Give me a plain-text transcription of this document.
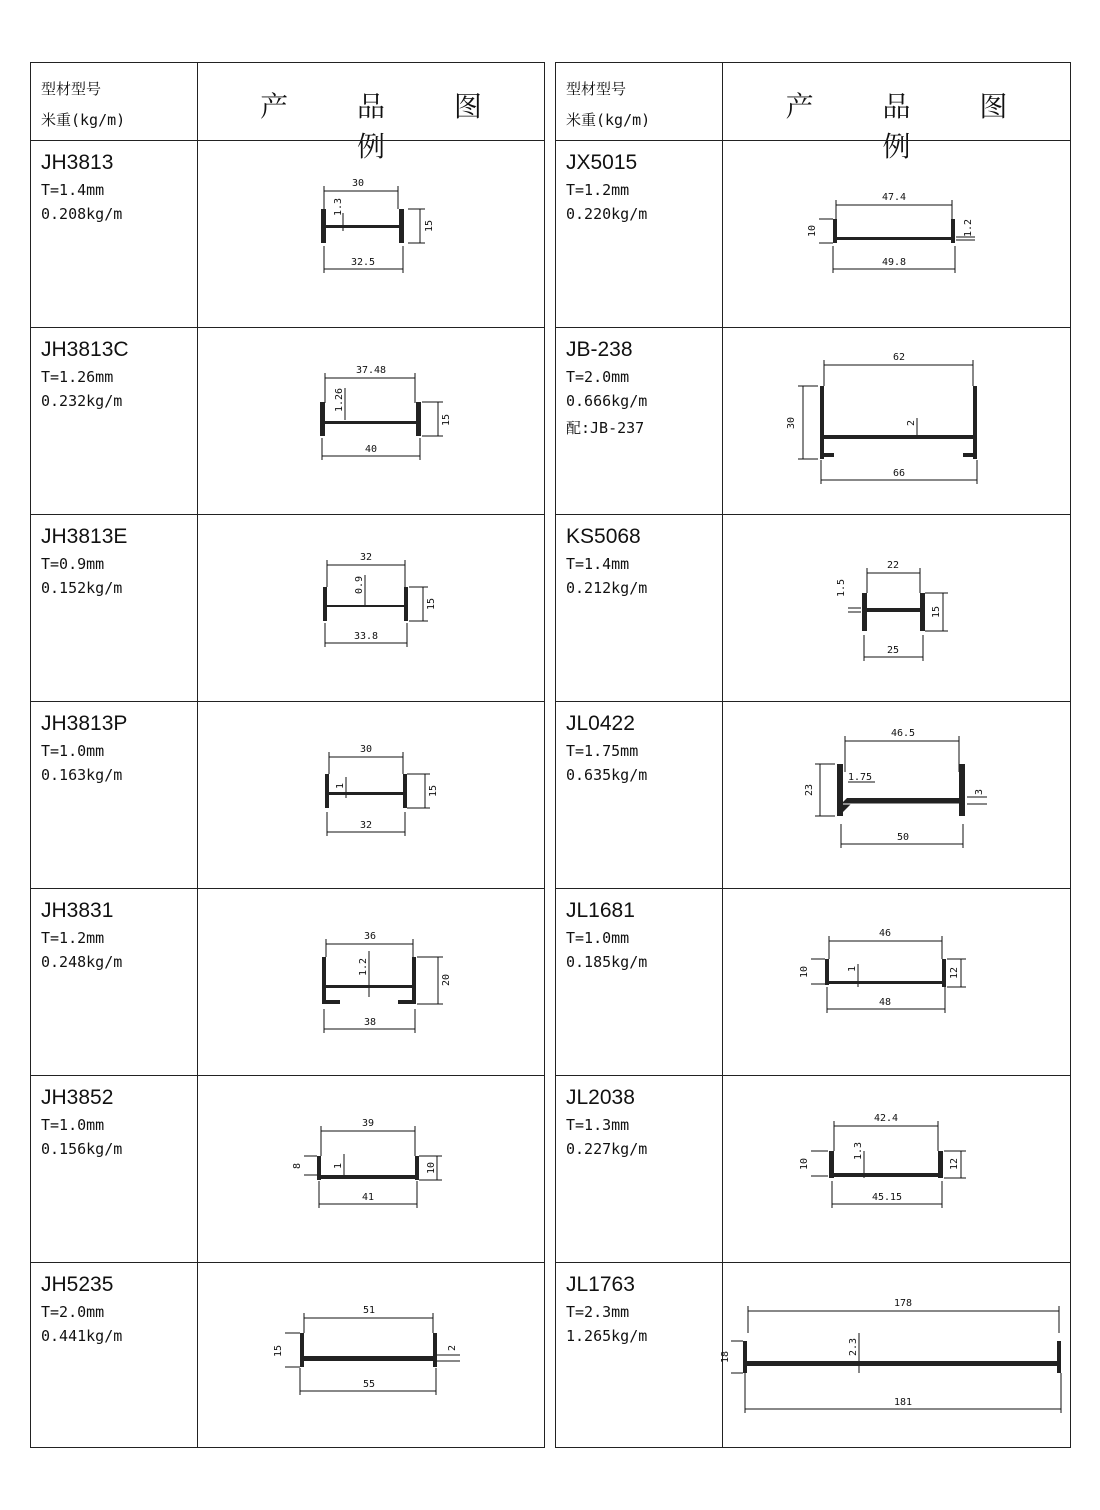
型材型号
米重(kg/m)	产 品 图 例
JH3813
T=1.4mm
0.208kg/m
30
32.5
15
1.3
JH3813C
T=1.26mm
0.232kg/m
37.48
40
15
1.26
JH3813E
T=0.9mm
0.152kg/m
32
33.8
15
0.9
JH3813P
T=1.0mm
0.163kg/m
30
32
15
1
JH3831
T=1.2mm
0.248kg/m
36
38
20
1.2
JH3852
T=1.0mm
0.156kg/m
39
41
8	10
1
JH5235
T=2.0mm
0.441kg/m
51
55
15	2
型材型号
米重(kg/m)	产 品 图 例
JX5015
T=1.2mm
0.220kg/m
47.4
49.8
10	1.2
JB-238
T=2.0mm
0.666kg/m
配:JB-237
62
66
30	2
KS5068
T=1.4mm
0.212kg/m
22
25
1.5
15
JL0422
T=1.75mm
0.635kg/m
46.5
50
23
1.75
3
JL1681
T=1.0mm
0.185kg/m
46
48
10	1	12
JL2038
T=1.3mm
0.227kg/m
42.4
45.15
10
1.3
12
JL1763
T=2.3mm
1.265kg/m
178
181
18
2.3
